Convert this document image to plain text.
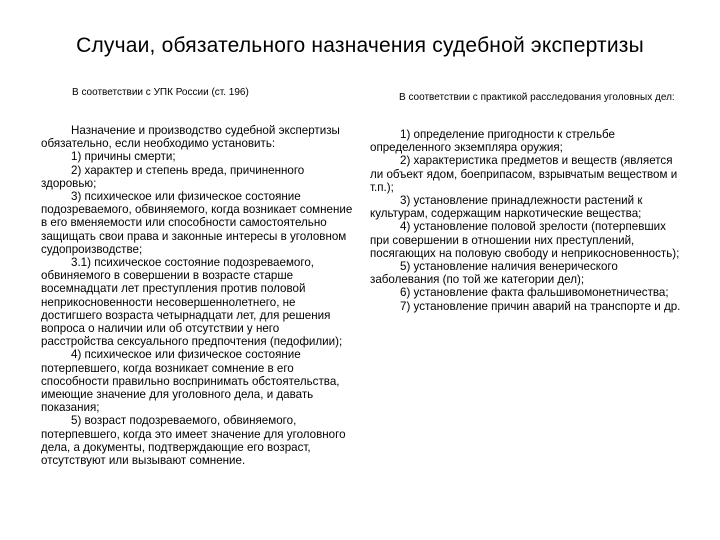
Случаи, обязательного назначения судебной экспертизы
В соответствии с УПК России (ст. 196)	В соответствии с практикой расследования уголовных дел:

Назначение и производство судебной экспертизы обязательно, если необходимо установить:

1) причины смерти;

2) характер и степень вреда, причиненного здоровью;

3) психическое или физическое состояние подозреваемого, обвиняемого, когда возникает сомнение в его вменяемости или способности самостоятельно защищать свои права и законные интересы в уголовном судопроизводстве;

3.1) психическое состояние подозреваемого, обвиняемого в совершении в возрасте старше восемнадцати лет преступления против половой неприкосновенности несовершеннолетнего, не достигшего возраста четырнадцати лет, для решения вопроса о наличии или об отсутствии у него расстройства сексуального предпочтения (педофилии);

4) психическое или физическое состояние потерпевшего, когда возникает сомнение в его способности правильно воспринимать обстоятельства, имеющие значение для уголовного дела, и давать показания;

5) возраст подозреваемого, обвиняемого, потерпевшего, когда это имеет значение для уголовного дела, а документы, подтверждающие его возраст, отсутствуют или вызывают сомнение.

1) определение пригодности к стрельбе определенного экземпляра оружия;

2) характеристика предметов и веществ (является ли объект ядом, боеприпасом, взрывчатым веществом и т.п.);

3) установление принадлежности растений к культурам, содержащим наркотические вещества;

4) установление половой зрелости (потерпевших при совершении в отношении них преступлений, посягающих на половую свободу и неприкосновенность);

5) установление наличия венерического заболевания (по той же категории дел);

6) установление факта фальшивомонетничества;

7) установление причин аварий на транспорте и др.
